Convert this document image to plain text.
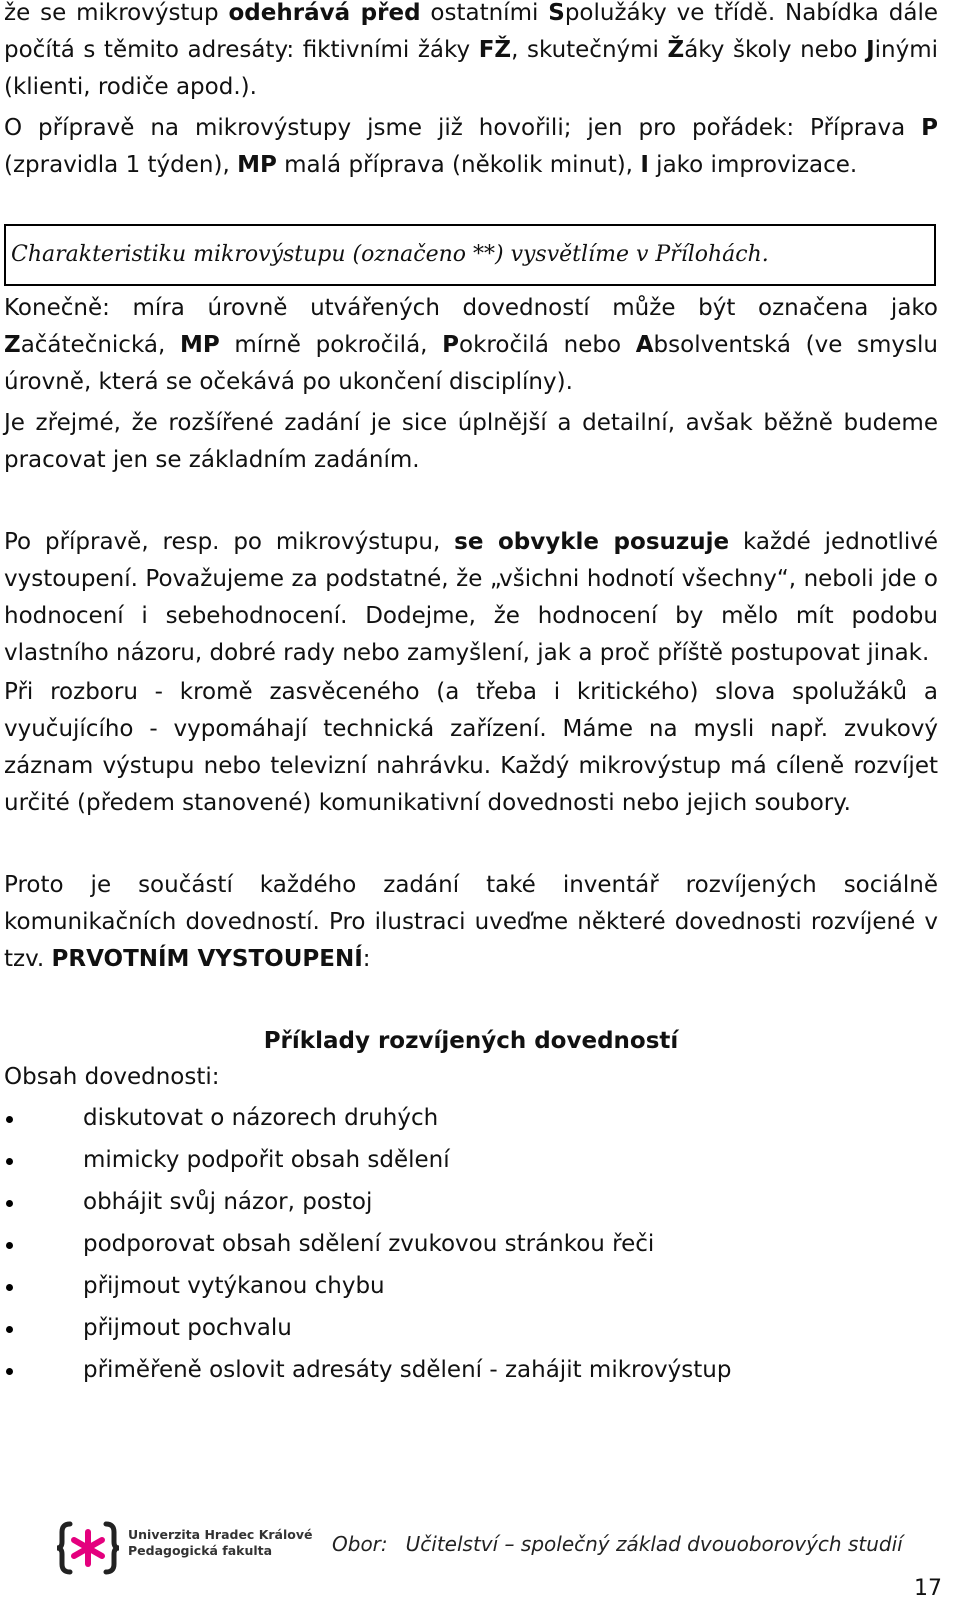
že se mikrovýstup odehrává před ostatními Spolužáky ve třídě. Nabídka dále počítá s těmito adresáty: fiktivními žáky FŽ, skutečnými Žáky školy nebo Jinými (klienti, rodiče apod.).

O přípravě na mikrovýstupy jsme již hovořili; jen pro pořádek: Příprava P (zpravidla 1 týden), MP malá příprava (několik minut), I jako improvizace.

Charakteristiku mikrovýstupu (označeno **) vysvětlíme v Přílohách.

Konečně: míra úrovně utvářených dovedností může být označena jako Začátečnická, MP mírně pokročilá, Pokročilá nebo Absolventská (ve smyslu úrovně, která se očekává po ukončení disciplíny).

Je zřejmé, že rozšířené zadání je sice úplnější a detailní, avšak běžně budeme pracovat jen se základním zadáním.

Po přípravě, resp. po mikrovýstupu, se obvykle posuzuje každé jednotlivé vystoupení. Považujeme za podstatné, že „všichni hodnotí všechny“, neboli jde o hodnocení i sebehodnocení. Dodejme, že hodnocení by mělo mít podobu vlastního názoru, dobré rady nebo zamyšlení, jak a proč příště postupovat jinak.

Při rozboru - kromě zasvěceného (a třeba i kritického) slova spolužáků a vyučujícího - vypomáhají technická zařízení. Máme na mysli např. zvukový záznam výstupu nebo televizní nahrávku. Každý mikrovýstup má cíleně rozvíjet určité (předem stanovené) komunikativní dovednosti nebo jejich soubory.

Proto je součástí každého zadání také inventář rozvíjených sociálně komunikačních dovedností. Pro ilustraci uveďme některé dovednosti rozvíjené v tzv. PRVOTNÍM VYSTOUPENÍ:

Příklady rozvíjených dovedností

Obsah dovednosti:

diskutovat o názorech druhých
mimicky podpořit obsah sdělení
obhájit svůj názor, postoj
podporovat obsah sdělení zvukovou stránkou řeči
přijmout vytýkanou chybu
přijmout pochvalu
přiměřeně oslovit adresáty sdělení - zahájit mikrovýstup
Univerzita Hradec Králové
Pedagogická fakulta	Obor: Učitelství – společný základ dvouoborových studií
17
